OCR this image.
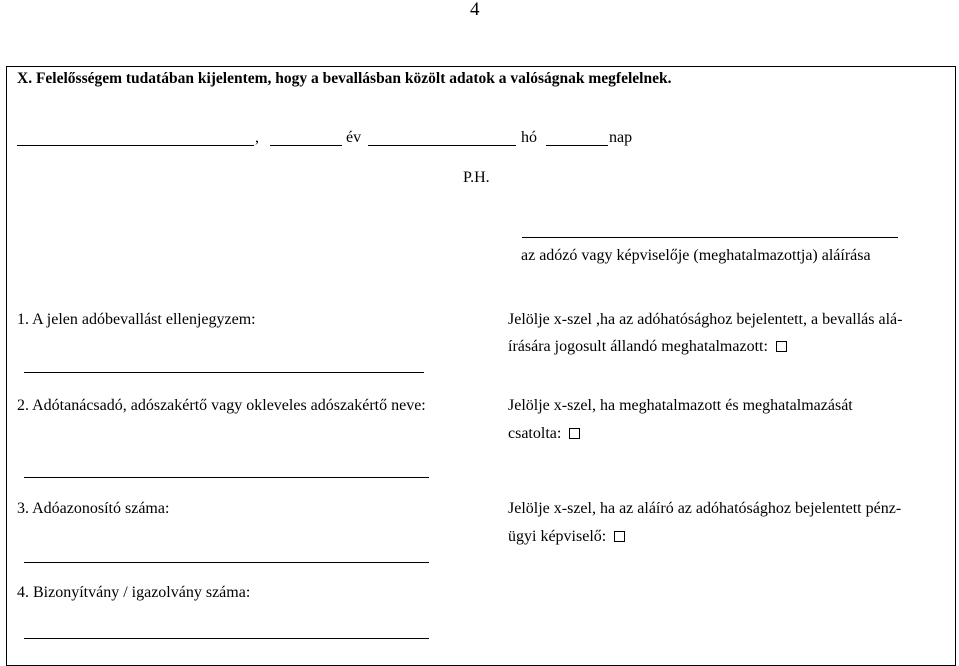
4
X. Felelősségem tudatában kijelentem, hogy a bevallásban közölt adatok a valóságnak megfelelnek.
,	év	hó	nap
P.H.
az adózó vagy képviselője (meghatalmazottja) aláírása
1. A jelen adóbevallást ellenjegyzem:	Jelölje x-szel ,ha az adóhatósághoz bejelentett, a bevallás alá-
írására jogosult állandó meghatalmazott:
2. Adótanácsadó, adószakértő vagy okleveles adószakértő neve:	Jelölje x-szel, ha meghatalmazott és meghatalmazását
csatolta:
3. Adóazonosító száma:	Jelölje x-szel, ha az aláíró az adóhatósághoz bejelentett pénz-
ügyi képviselő:
4. Bizonyítvány / igazolvány száma:
